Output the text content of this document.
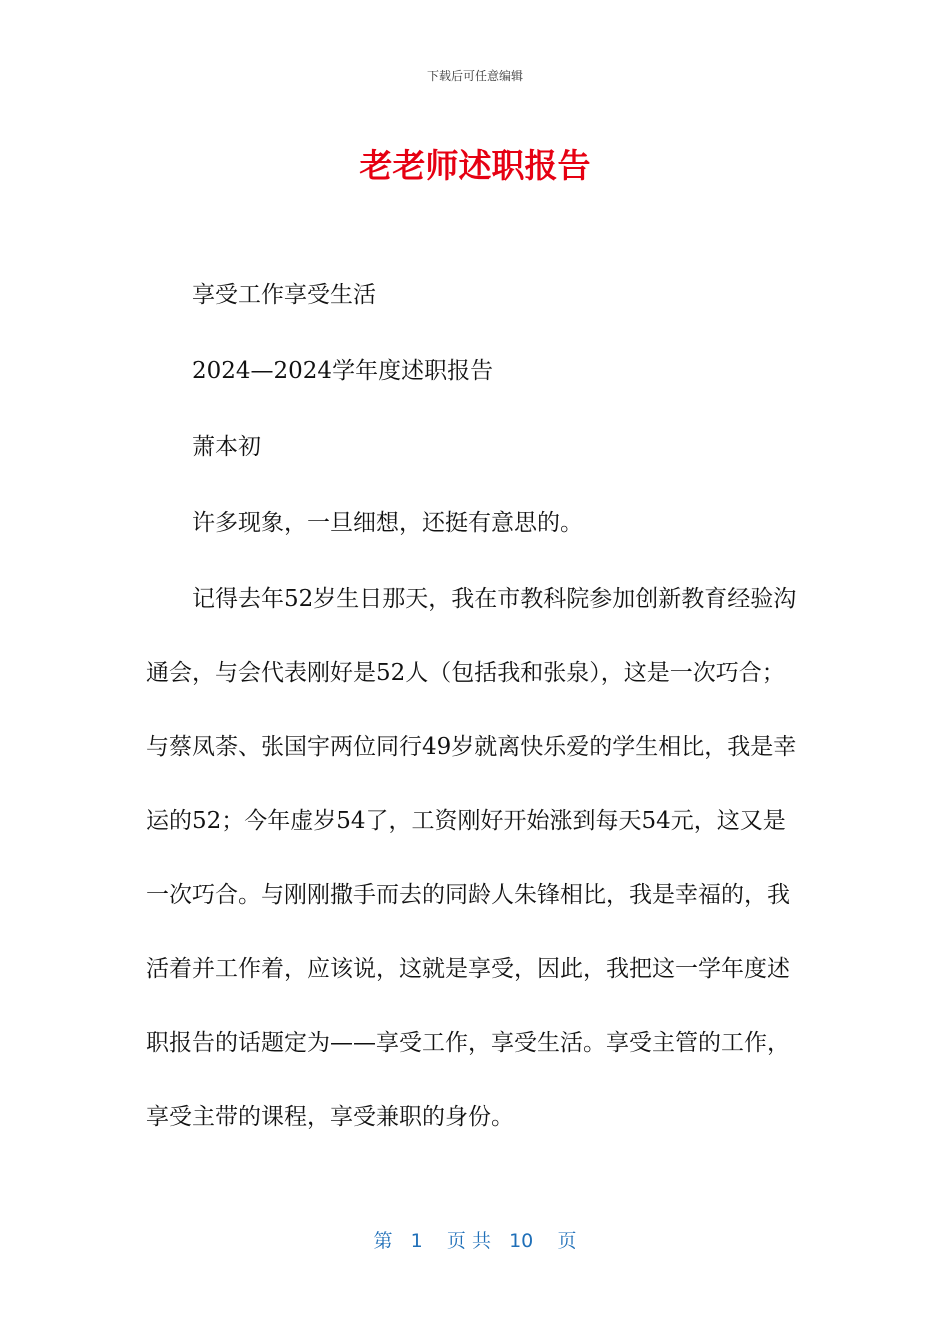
下载后可任意编辑
老老师述职报告

享受工作享受生活

2024—2024学年度述职报告

萧本初

许多现象，一旦细想，还挺有意思的。

记得去年52岁生日那天，我在市教科院参加创新教育经验沟通会，与会代表刚好是52人（包括我和张泉），这是一次巧合；与蔡凤荼、张国宇两位同行49岁就离快乐爱的学生相比，我是幸运的52；今年虚岁54了，工资刚好开始涨到每天54元，这又是一次巧合。与刚刚撒手而去的同龄人朱锋相比，我是幸福的，我活着并工作着，应该说，这就是享受，因此，我把这一学年度述职报告的话题定为——享受工作，享受生活。享受主管的工作，享受主带的课程，享受兼职的身份。

第 1 页 共 10 页
